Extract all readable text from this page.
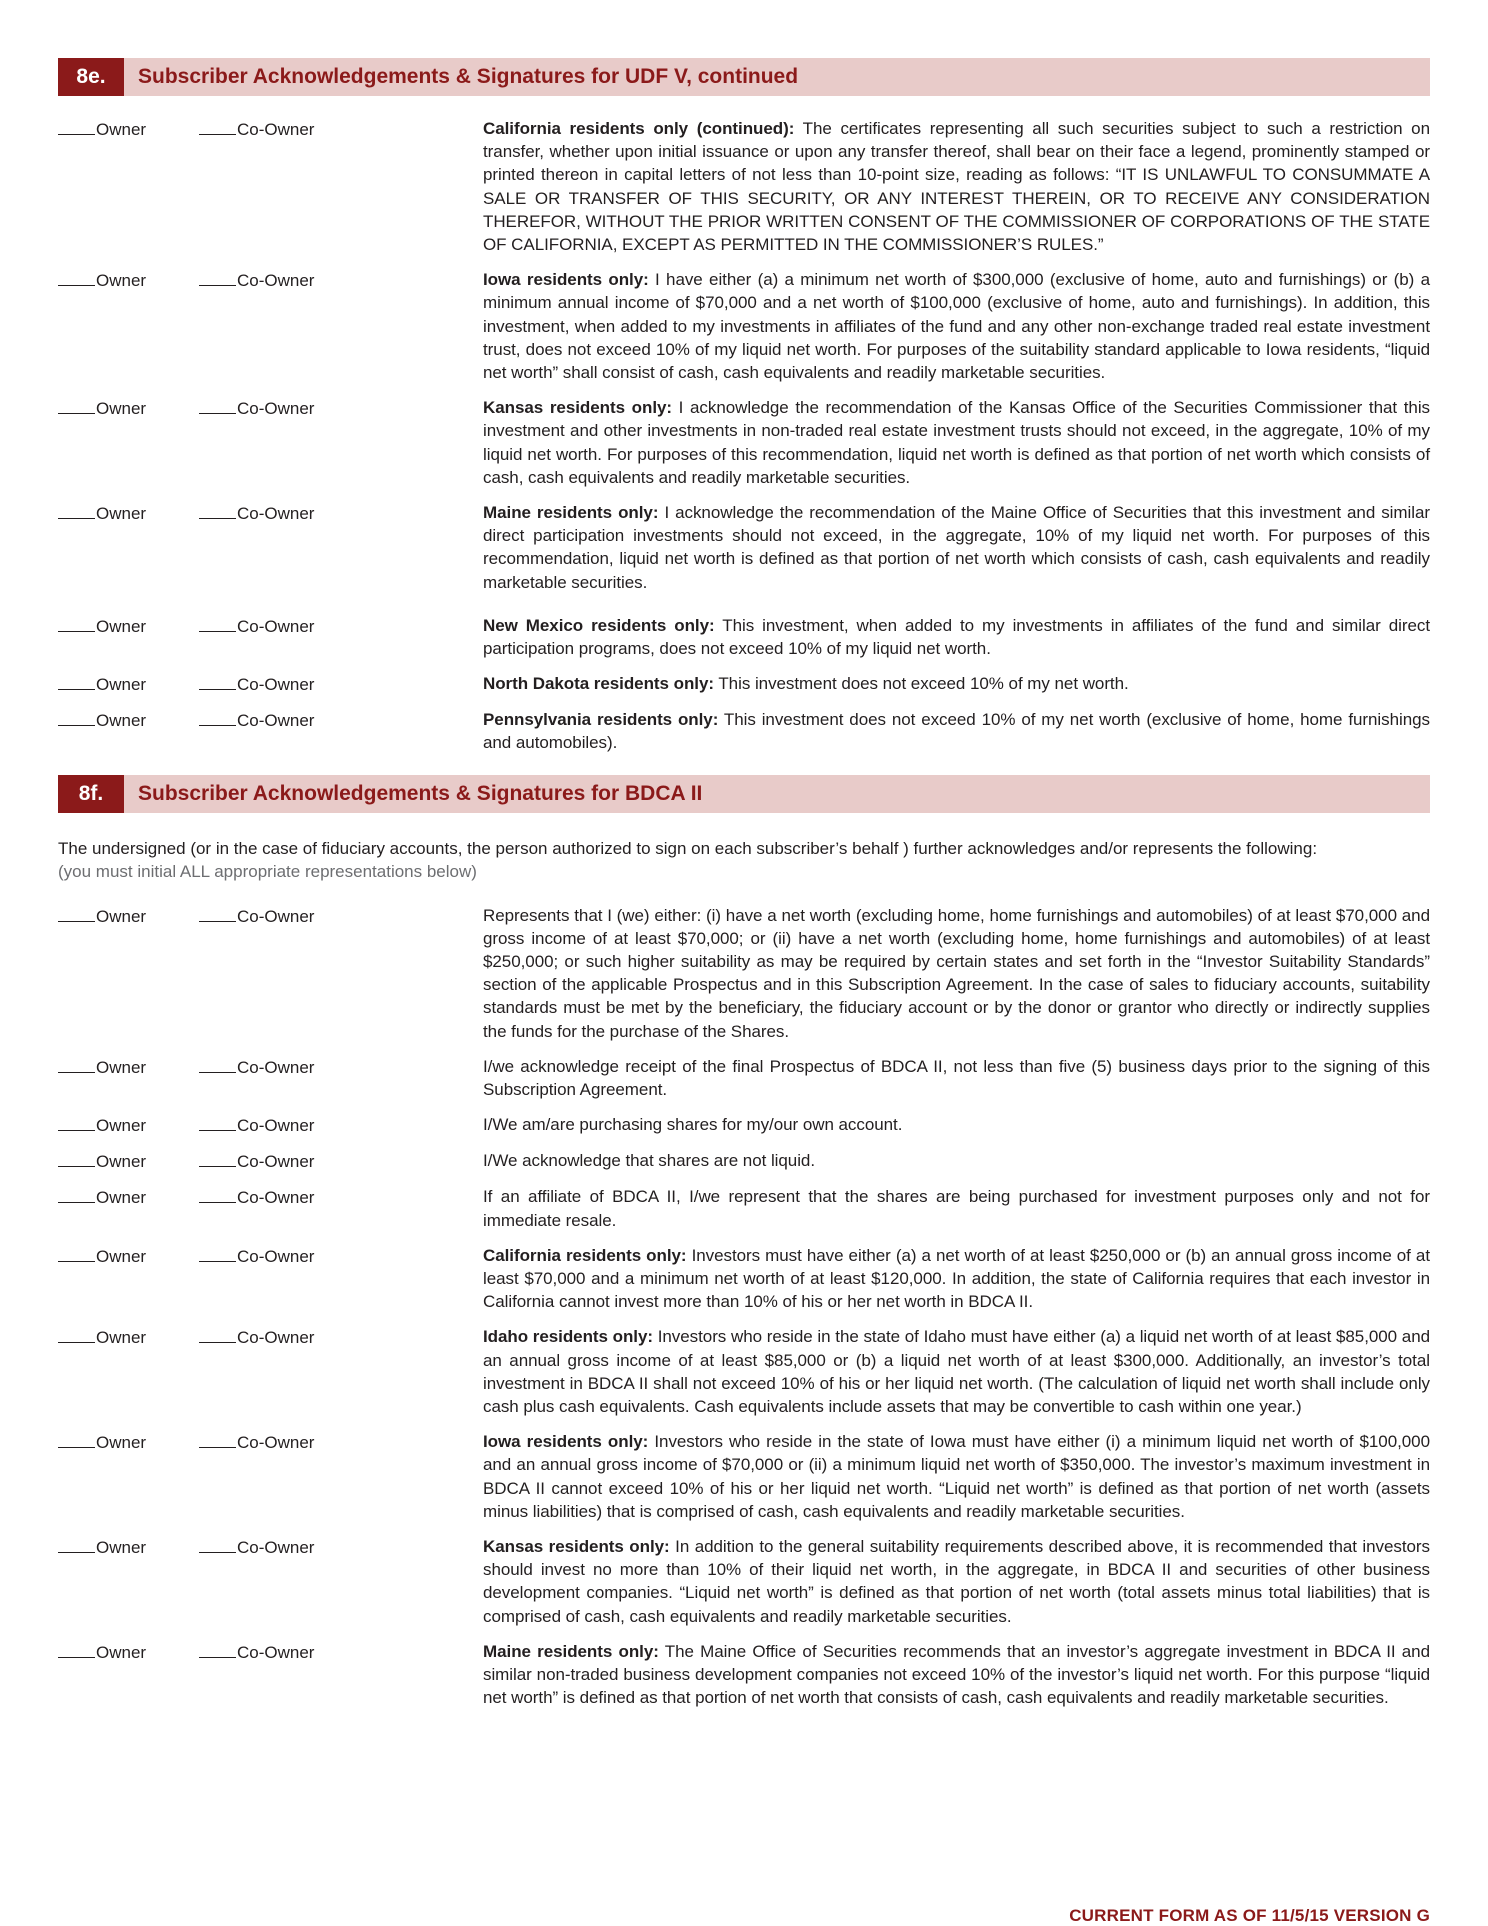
8e.	Subscriber Acknowledgements & Signatures for UDF V, continued
Owner	Co-Owner	California residents only (continued): The certificates representing all such securities subject to such a restriction on transfer, whether upon initial issuance or upon any transfer thereof, shall bear on their face a legend, prominently stamped or printed thereon in capital letters of not less than 10-point size, reading as follows: “IT IS UNLAWFUL TO CONSUMMATE A SALE OR TRANSFER OF THIS SECURITY, OR ANY INTEREST THEREIN, OR TO RECEIVE ANY CONSIDERATION THEREFOR, WITHOUT THE PRIOR WRITTEN CONSENT OF THE COMMISSIONER OF CORPORATIONS OF THE STATE OF CALIFORNIA, EXCEPT AS PERMITTED IN THE COMMISSIONER’S RULES.”
Owner	Co-Owner	Iowa residents only: I have either (a) a minimum net worth of $300,000 (exclusive of home, auto and furnishings) or (b) a minimum annual income of $70,000 and a net worth of $100,000 (exclusive of home, auto and furnishings). In addition, this investment, when added to my investments in affiliates of the fund and any other non-exchange traded real estate investment trust, does not exceed 10% of my liquid net worth. For purposes of the suitability standard applicable to Iowa residents, “liquid net worth” shall consist of cash, cash equivalents and readily marketable securities.
Owner	Co-Owner	Kansas residents only: I acknowledge the recommendation of the Kansas Office of the Securities Commissioner that this investment and other investments in non-traded real estate investment trusts should not exceed, in the aggregate, 10% of my liquid net worth. For purposes of this recommendation, liquid net worth is defined as that portion of net worth which consists of cash, cash equivalents and readily marketable securities.
Owner	Co-Owner	Maine residents only: I acknowledge the recommendation of the Maine Office of Securities that this investment and similar direct participation investments should not exceed, in the aggregate, 10% of my liquid net worth. For purposes of this recommendation, liquid net worth is defined as that portion of net worth which consists of cash, cash equivalents and readily marketable securities.
Owner	Co-Owner	New Mexico residents only: This investment, when added to my investments in affiliates of the fund and similar direct participation programs, does not exceed 10% of my liquid net worth.
Owner	Co-Owner	North Dakota residents only: This investment does not exceed 10% of my net worth.
Owner	Co-Owner	Pennsylvania residents only: This investment does not exceed 10% of my net worth (exclusive of home, home furnishings and automobiles).
8f.	Subscriber Acknowledgements & Signatures for BDCA II
The undersigned (or in the case of fiduciary accounts, the person authorized to sign on each subscriber’s behalf ) further acknowledges and/or represents the following:
(you must initial ALL appropriate representations below)
Owner	Co-Owner	Represents that I (we) either: (i) have a net worth (excluding home, home furnishings and automobiles) of at least $70,000 and gross income of at least $70,000; or (ii) have a net worth (excluding home, home furnishings and automobiles) of at least $250,000; or such higher suitability as may be required by certain states and set forth in the “Investor Suitability Standards” section of the applicable Prospectus and in this Subscription Agreement. In the case of sales to fiduciary accounts, suitability standards must be met by the beneficiary, the fiduciary account or by the donor or grantor who directly or indirectly supplies the funds for the purchase of the Shares.
Owner	Co-Owner	I/we acknowledge receipt of the final Prospectus of BDCA II, not less than five (5) business days prior to the signing of this Subscription Agreement.
Owner	Co-Owner	I/We am/are purchasing shares for my/our own account.
Owner	Co-Owner	I/We acknowledge that shares are not liquid.
Owner	Co-Owner	If an affiliate of BDCA II, I/we represent that the shares are being purchased for investment purposes only and not for immediate resale.
Owner	Co-Owner	California residents only: Investors must have either (a) a net worth of at least $250,000 or (b) an annual gross income of at least $70,000 and a minimum net worth of at least $120,000. In addition, the state of California requires that each investor in California cannot invest more than 10% of his or her net worth in BDCA II.
Owner	Co-Owner	Idaho residents only: Investors who reside in the state of Idaho must have either (a) a liquid net worth of at least $85,000 and an annual gross income of at least $85,000 or (b) a liquid net worth of at least $300,000. Additionally, an investor’s total investment in BDCA II shall not exceed 10% of his or her liquid net worth. (The calculation of liquid net worth shall include only cash plus cash equivalents. Cash equivalents include assets that may be convertible to cash within one year.)
Owner	Co-Owner	Iowa residents only: Investors who reside in the state of Iowa must have either (i) a minimum liquid net worth of $100,000 and an annual gross income of $70,000 or (ii) a minimum liquid net worth of $350,000. The investor’s maximum investment in BDCA II cannot exceed 10% of his or her liquid net worth. “Liquid net worth” is defined as that portion of net worth (assets minus liabilities) that is comprised of cash, cash equivalents and readily marketable securities.
Owner	Co-Owner	Kansas residents only: In addition to the general suitability requirements described above, it is recommended that investors should invest no more than 10% of their liquid net worth, in the aggregate, in BDCA II and securities of other business development companies. “Liquid net worth” is defined as that portion of net worth (total assets minus total liabilities) that is comprised of cash, cash equivalents and readily marketable securities.
Owner	Co-Owner	Maine residents only: The Maine Office of Securities recommends that an investor’s aggregate investment in BDCA II and similar non-traded business development companies not exceed 10% of the investor’s liquid net worth. For this purpose “liquid net worth” is defined as that portion of net worth that consists of cash, cash equivalents and readily marketable securities.
CURRENT FORM AS OF 11/5/15 VERSION G
